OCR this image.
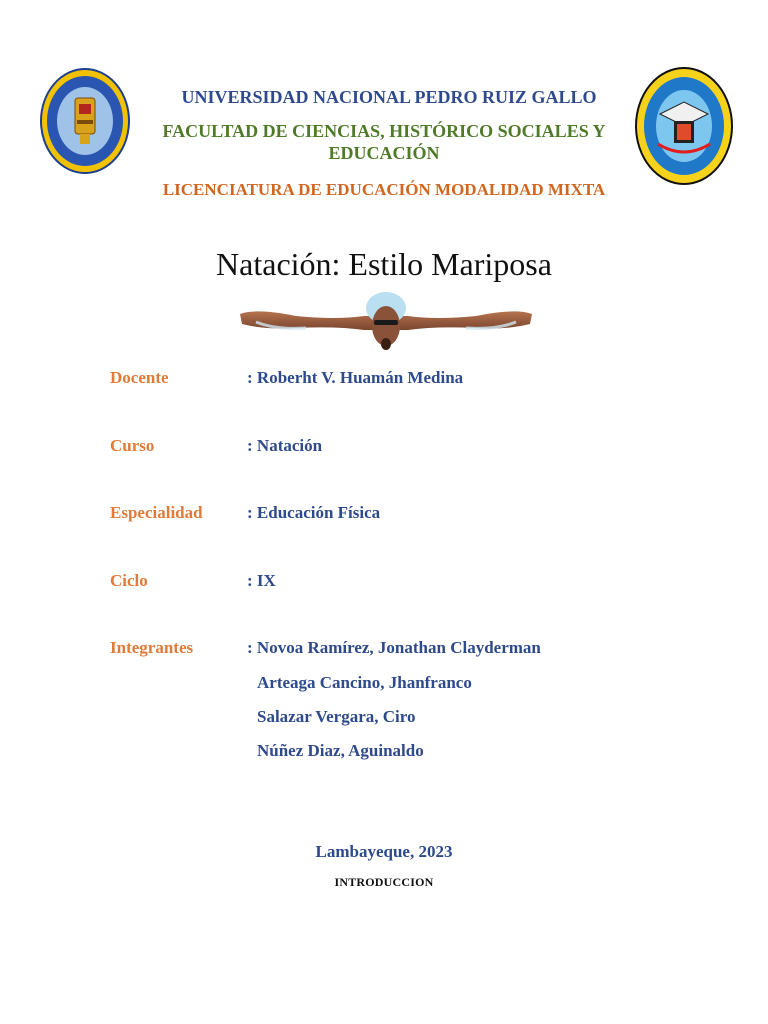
UNIVERSIDAD NACIONAL PEDRO RUIZ GALLO
FACULTAD DE CIENCIAS, HISTÓRICO SOCIALES Y EDUCACIÓN
LICENCIATURA DE EDUCACIÓN MODALIDAD MIXTA
Natación: Estilo Mariposa
Docente	: Roberht V. Huamán Medina
Curso	: Natación
Especialidad	: Educación Física
Ciclo	: IX
Integrantes	: Novoa Ramírez, Jonathan Clayderman
Arteaga Cancino, Jhanfranco
Salazar Vergara, Ciro
Núñez Diaz, Aguinaldo
Lambayeque, 2023
INTRODUCCION
